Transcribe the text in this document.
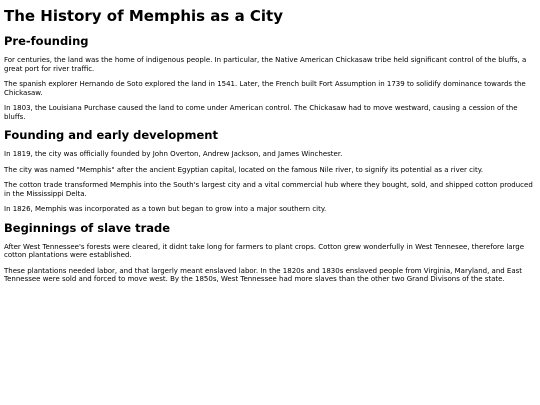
The History of Memphis as a City
Pre-founding

For centuries, the land was the home of indigenous people. In particular, the Native American Chickasaw tribe held significant control of the bluffs, a great port for river traffic.

The spanish explorer Hernando de Soto explored the land in 1541. Later, the French built Fort Assumption in 1739 to solidify dominance towards the Chickasaw.

In 1803, the Louisiana Purchase caused the land to come under American control. The Chickasaw had to move westward, causing a cession of the bluffs.

Founding and early development

In 1819, the city was officially founded by John Overton, Andrew Jackson, and James Winchester.

The city was named "Memphis" after the ancient Egyptian capital, located on the famous Nile river, to signify its potential as a river city.

The cotton trade transformed Memphis into the South's largest city and a vital commercial hub where they bought, sold, and shipped cotton produced in the Mississippi Delta.

In 1826, Memphis was incorporated as a town but began to grow into a major southern city.

Beginnings of slave trade

After West Tennessee's forests were cleared, it didnt take long for farmers to plant crops. Cotton grew wonderfully in West Tennesee, therefore large cotton plantations were established.

These plantations needed labor, and that largerly meant enslaved labor. In the 1820s and 1830s enslaved people from Virginia, Maryland, and East Tennessee were sold and forced to move west. By the 1850s, West Tennessee had more slaves than the other two Grand Divisons of the state.
